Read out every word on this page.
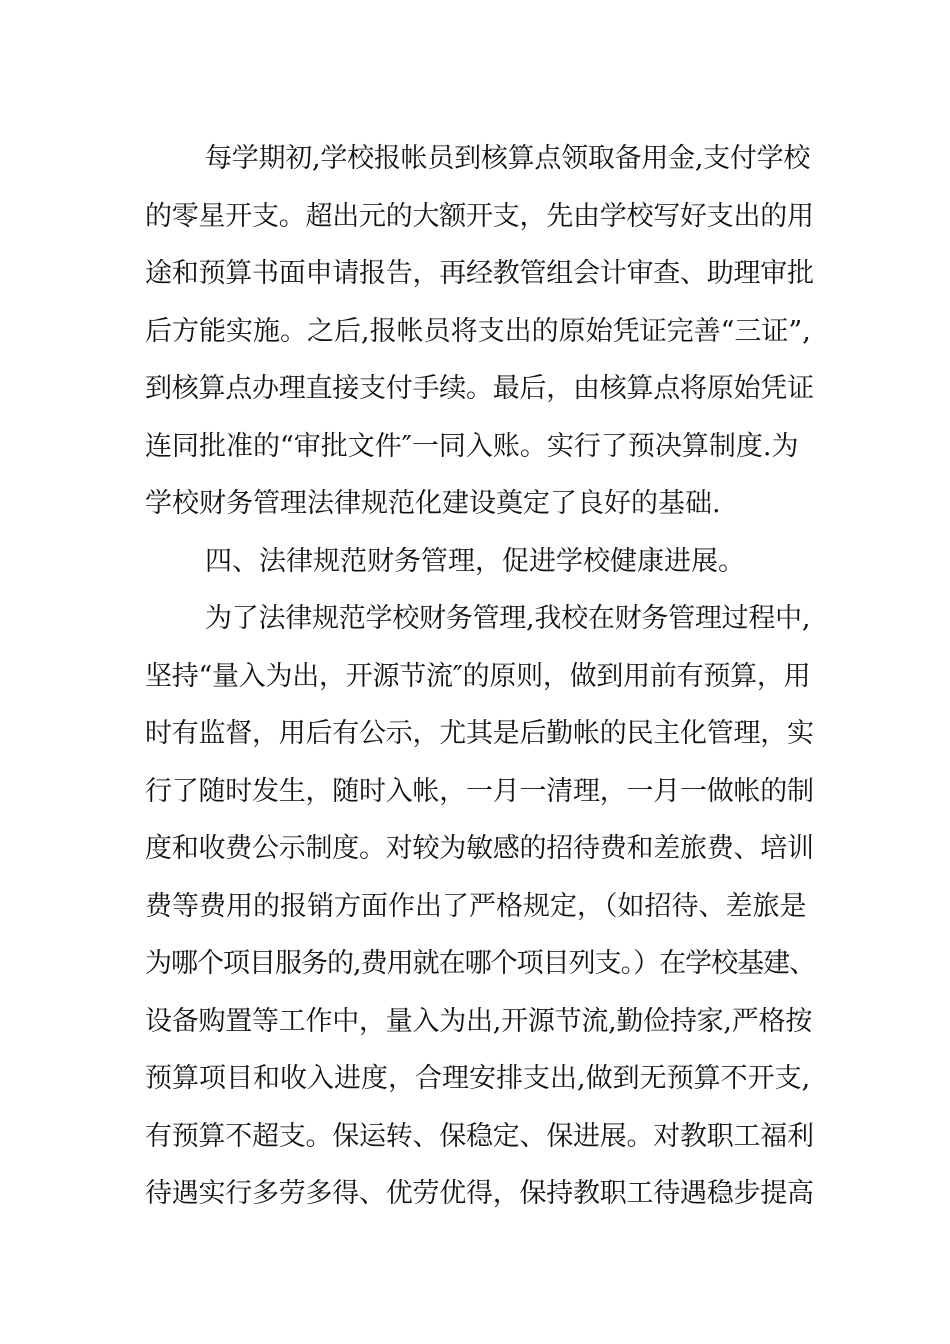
每学期初,学校报帐员到核算点领取备用金,支付学校
的零星开支。超出元的大额开支，先由学校写好支出的用
途和预算书面申请报告，再经教管组会计审查、助理审批
后方能实施。之后,报帐员将支出的原始凭证完善“三证”,
到核算点办理直接支付手续。最后，由核算点将原始凭证
连同批准的“审批文件″一同入账。实行了预决算制度.为
学校财务管理法律规范化建设奠定了良好的基础.
四、法律规范财务管理，促进学校健康进展。
为了法律规范学校财务管理,我校在财务管理过程中,
坚持“量入为出，开源节流″的原则，做到用前有预算，用
时有监督，用后有公示，尤其是后勤帐的民主化管理，实
行了随时发生，随时入帐，一月一清理，一月一做帐的制
度和收费公示制度。对较为敏感的招待费和差旅费、培训
费等费用的报销方面作出了严格规定，（如招待、差旅是
为哪个项目服务的,费用就在哪个项目列支。）在学校基建、
设备购置等工作中，量入为出,开源节流,勤俭持家,严格按
预算项目和收入进度，合理安排支出,做到无预算不开支,
有预算不超支。保运转、保稳定、保进展。对教职工福利
待遇实行多劳多得、优劳优得，保持教职工待遇稳步提高
